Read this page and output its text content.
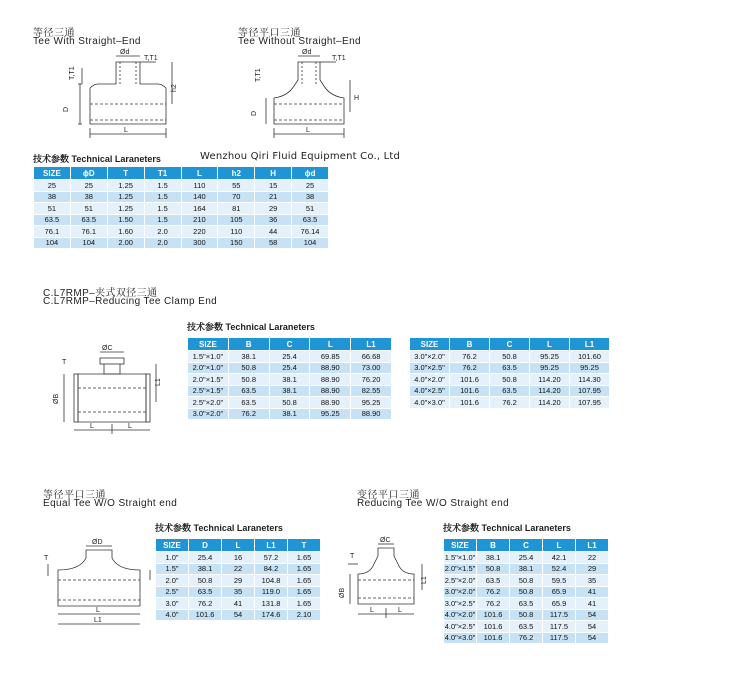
等径三通
Tee With Straight–End
等径平口三通
Tee Without Straight–End
Ød
T,T1
T,T1
D
h2
L
Ød
T,T1
T,T1
D
H
L
技术参数 Technical Laraneters	Wenzhou Qiri Fluid Equipment Co., Ltd
SIZE	ϕD	T	T1	L	h2	H	ϕd
25	25	1.25	1.5	110	55	15	25
38	38	1.25	1.5	140	70	21	38
51	51	1.25	1.5	164	81	29	51
63.5	63.5	1.50	1.5	210	105	36	63.5
76.1	76.1	1.60	2.0	220	110	44	76.14
104	104	2.00	2.0	300	150	58	104
C.L7RMP–夹式双径三通
C.L7RMP–Reducing Tee Clamp End
技术参数 Technical Laraneters
ØC
T
ØB
L1
L	L
SIZE	B	C	L	L1
1.5"×1.0"	38.1	25.4	69.85	66.68
2.0"×1.0"	50.8	25.4	88.90	73.00
2.0"×1.5"	50.8	38.1	88.90	76.20
2.5"×1.5"	63.5	38.1	88.90	82.55
2.5"×2.0"	63.5	50.8	88.90	95.25
3.0"×2.0"	76.2	38.1	95.25	88.90
SIZE	B	C	L	L1
3.0"×2.0"	76.2	50.8	95.25	101.60
3.0"×2.5"	76.2	63.5	95.25	95.25
4.0"×2.0"	101.6	50.8	114.20	114.30
4.0"×2.5"	101.6	63.5	114.20	107.95
4.0"×3.0"	101.6	76.2	114.20	107.95
等径平口三通
Equal Tee W/O Straight end
技术参数 Technical Laraneters
ØD
T
L
L1
SIZE	D	L	L1	T
1.0"	25.4	16	57.2	1.65
1.5"	38.1	22	84.2	1.65
2.0"	50.8	29	104.8	1.65
2.5"	63.5	35	119.0	1.65
3.0"	76.2	41	131.8	1.65
4.0"	101.6	54	174.6	2.10
变径平口三通
Reducing Tee W/O Straight end
技术参数 Technical Laraneters
ØC
T
ØB
L1
L	L
SIZE	B	C	L	L1
1.5"×1.0"	38.1	25.4	42.1	22
2.0"×1.5"	50.8	38.1	52.4	29
2.5"×2.0"	63.5	50.8	59.5	35
3.0"×2.0"	76.2	50.8	65.9	41
3.0"×2.5"	76.2	63.5	65.9	41
4.0"×2.0"	101.6	50.8	117.5	54
4.0"×2.5"	101.6	63.5	117.5	54
4.0"×3.0"	101.6	76.2	117.5	54
